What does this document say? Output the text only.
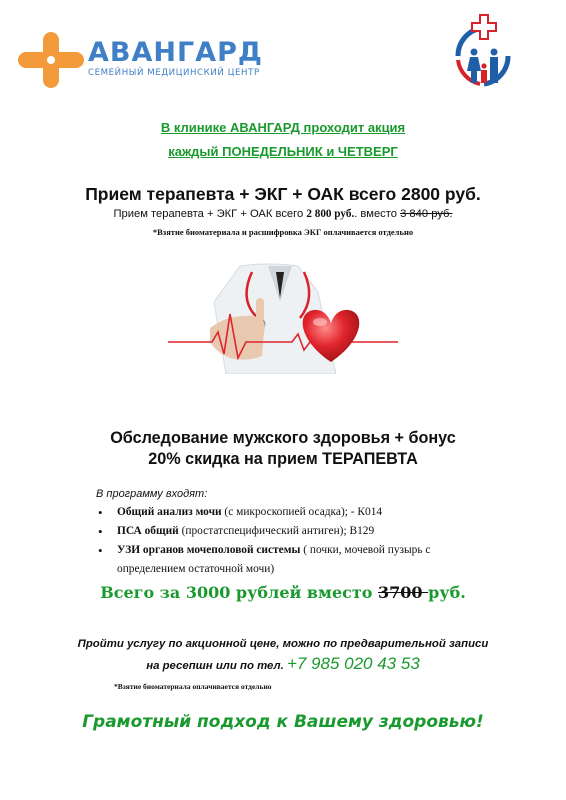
АВАНГАРД
СЕМЕЙНЫЙ МЕДИЦИНСКИЙ ЦЕНТР
В клинике АВАНГАРД проходит акция
каждый ПОНЕДЕЛЬНИК и ЧЕТВЕРГ
Прием терапевта + ЭКГ + ОАК всего 2800 руб.
Прием терапевта + ЭКГ + ОАК всего 2 800 руб.. вместо 3 840 руб.
*Взятие биоматериала и расшифровка ЭКГ оплачивается отдельно
Обследование мужского здоровья + бонус
20% скидка на прием ТЕРАПЕВТА
В программу входят:
• Общий анализ мочи (с микроскопией осадка); - К014
• ПСА общий (простатспецифический антиген); В129
• УЗИ органов мочеполовой системы ( почки, мочевой пузырь с определением остаточной мочи)
Всего за 3000 рублей вместо 3700 руб.
Пройти услугу по акционной цене, можно по предварительной записи
на ресепшн или по тел. +7 985 020 43 53
*Взятие биоматериала оплачивается отдельно
Грамотный подход к Вашему здоровью!
